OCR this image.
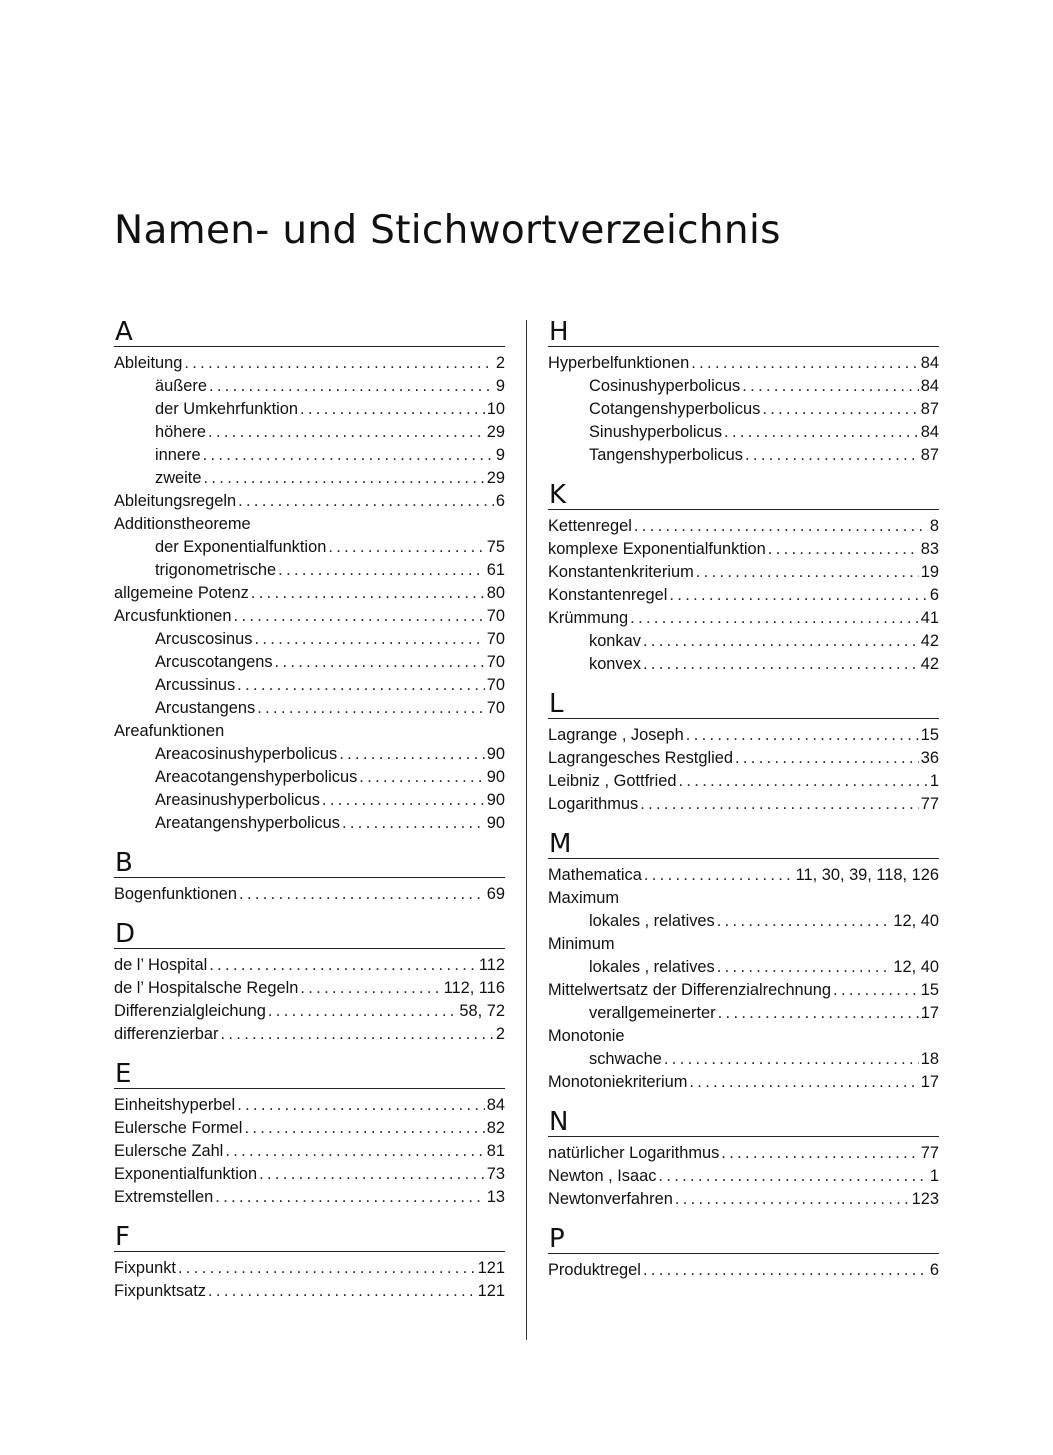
Namen- und Stichwortverzeichnis
A
Ableitung . . .	2
äußere . . .	9
der Umkehrfunktion . . .	10
höhere . . .	29
innere . . .	9
zweite . . .	29
Ableitungsregeln . . .	6
Additionstheoreme
der Exponentialfunktion . . .	75
trigonometrische . . .	61
allgemeine Potenz . . .	80
Arcusfunktionen . . .	70
Arcuscosinus . . .	70
Arcuscotangens . . .	70
Arcussinus . . .	70
Arcustangens . . .	70
Areafunktionen
Areacosinushyperbolicus . . .	90
Areacotangenshyperbolicus . . .	90
Areasinushyperbolicus . . .	90
Areatangenshyperbolicus . . .	90
B
Bogenfunktionen . . .	69
D
de l’ Hospital . . .	112
de l’ Hospitalsche Regeln . . .	112, 116
Differenzialgleichung . . .	58, 72
differenzierbar . . .	2
E
Einheitshyperbel . . .	84
Eulersche Formel . . .	82
Eulersche Zahl . . .	81
Exponentialfunktion . . .	73
Extremstellen . . .	13
F
Fixpunkt . . .	121
Fixpunktsatz . . .	121
H
Hyperbelfunktionen . . .	84
Cosinushyperbolicus . . .	84
Cotangenshyperbolicus . . .	87
Sinushyperbolicus . . .	84
Tangenshyperbolicus . . .	87
K
Kettenregel . . .	8
komplexe Exponentialfunktion . . .	83
Konstantenkriterium . . .	19
Konstantenregel . . .	6
Krümmung . . .	41
konkav . . .	42
konvex . . .	42
L
Lagrange , Joseph . . .	15
Lagrangesches Restglied . . .	36
Leibniz , Gottfried . . .	1
Logarithmus . . .	77
M
Mathematica . . .	11, 30, 39, 118, 126
Maximum
lokales , relatives . . .	12, 40
Minimum
lokales , relatives . . .	12, 40
Mittelwertsatz der Differenzialrechnung . . .	15
verallgemeinerter . . .	17
Monotonie
schwache . . .	18
Monotoniekriterium . . .	17
N
natürlicher Logarithmus . . .	77
Newton , Isaac . . .	1
Newtonverfahren . . .	123
P
Produktregel . . .	6
